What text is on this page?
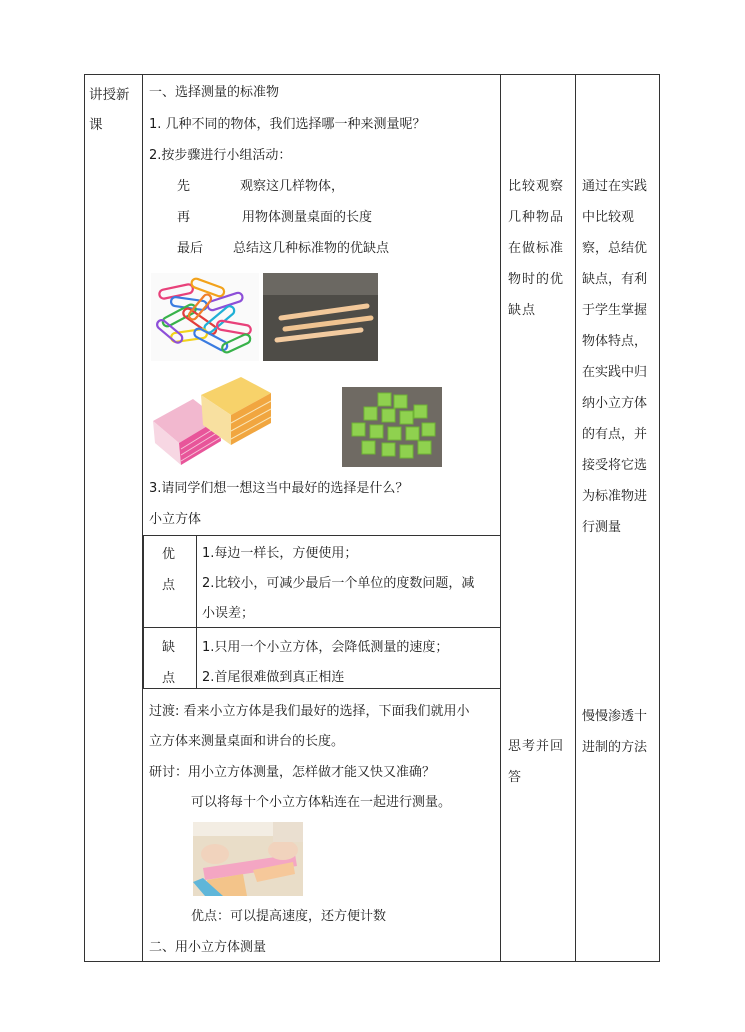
讲授新课
一、选择测量的标准物
1. 几种不同的物体，我们选择哪一种来测量呢？
2.按步骤进行小组活动：
先	观察这几样物体，
再	用物体测量桌面的长度
最后 总结这几种标准物的优缺点
3.请同学们想一想这当中最好的选择是什么？
小立方体
优点
1.每边一样长，方便使用；
2.比较小，可减少最后一个单位的度数问题，减
小误差；
缺点
1.只用一个小立方体，会降低测量的速度；
2.首尾很难做到真正相连
过渡: 看来小立方体是我们最好的选择，下面我们就用小
立方体来测量桌面和讲台的长度。
研讨：用小立方体测量，怎样做才能又快又准确？
可以将每十个小立方体粘连在一起进行测量。
优点：可以提高速度，还方便计数
二、用小立方体测量
比较观察几种物品在做标准物时的优缺点
思考并回答
通过在实践中比较观察，总结优缺点，有利于学生掌握物体特点，在实践中归纳小立方体的有点，并接受将它选为标准物进行测量
慢慢渗透十进制的方法
